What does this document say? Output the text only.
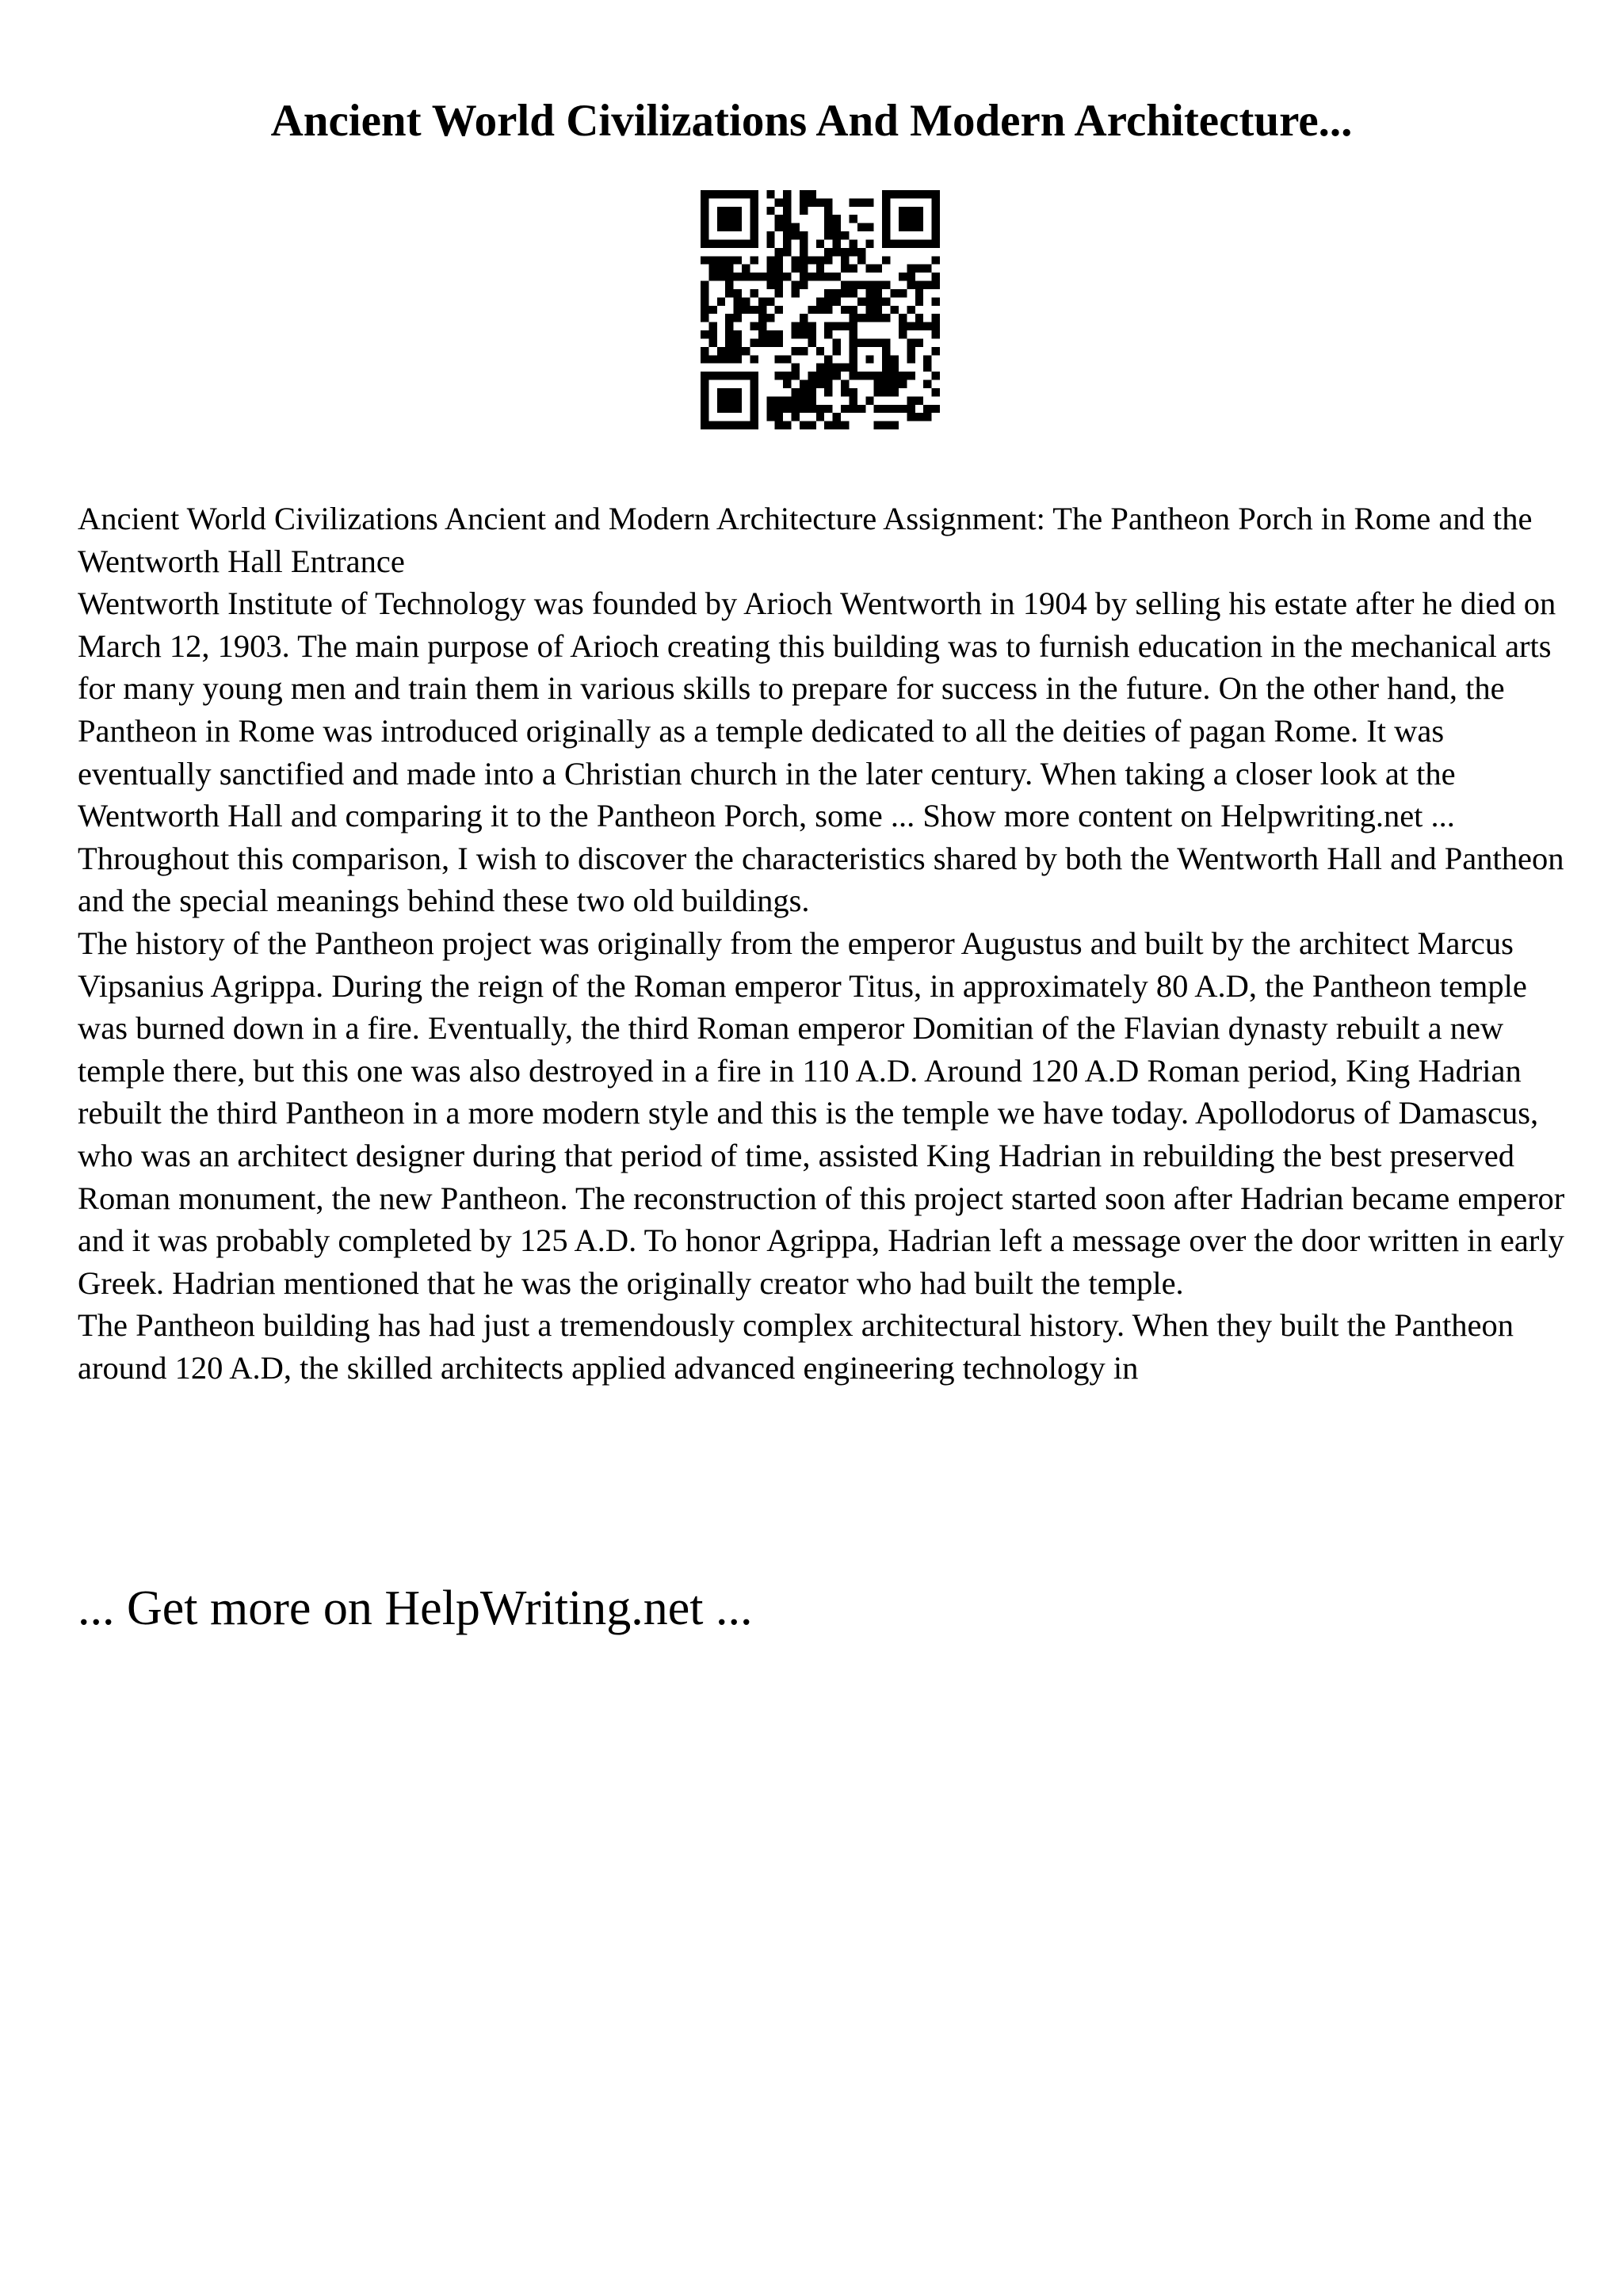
Ancient World Civilizations And Modern Architecture...

Ancient World Civilizations Ancient and Modern Architecture Assignment: The Pantheon Porch in Rome and the Wentworth Hall Entrance

Wentworth Institute of Technology was founded by Arioch Wentworth in 1904 by selling his estate after he died on March 12, 1903. The main purpose of Arioch creating this building was to furnish education in the mechanical arts for many young men and train them in various skills to prepare for success in the future. On the other hand, the Pantheon in Rome was introduced originally as a temple dedicated to all the deities of pagan Rome. It was eventually sanctified and made into a Christian church in the later century. When taking a closer look at the Wentworth Hall and comparing it to the Pantheon Porch, some ... Show more content on Helpwriting.net ... Throughout this comparison, I wish to discover the characteristics shared by both the Wentworth Hall and Pantheon and the special meanings behind these two old buildings.

The history of the Pantheon project was originally from the emperor Augustus and built by the architect Marcus Vipsanius Agrippa. During the reign of the Roman emperor Titus, in approximately 80 A.D, the Pantheon temple was burned down in a fire. Eventually, the third Roman emperor Domitian of the Flavian dynasty rebuilt a new temple there, but this one was also destroyed in a fire in 110 A.D. Around 120 A.D Roman period, King Hadrian rebuilt the third Pantheon in a more modern style and this is the temple we have today. Apollodorus of Damascus, who was an architect designer during that period of time, assisted King Hadrian in rebuilding the best preserved Roman monument, the new Pantheon. The reconstruction of this project started soon after Hadrian became emperor and it was probably completed by 125 A.D. To honor Agrippa, Hadrian left a message over the door written in early Greek. Hadrian mentioned that he was the originally creator who had built the temple.

The Pantheon building has had just a tremendously complex architectural history. When they built the Pantheon around 120 A.D, the skilled architects applied advanced engineering technology in

... Get more on HelpWriting.net ...
